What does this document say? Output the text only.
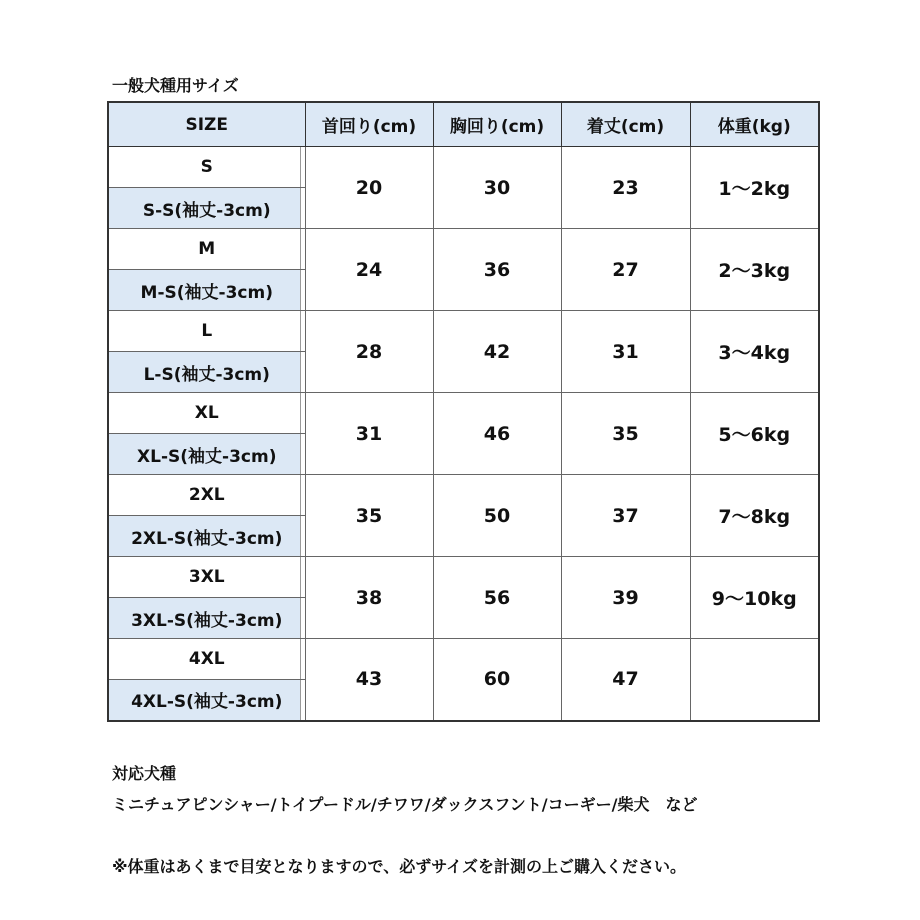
一般犬種用サイズ
SIZE	首回り(cm)	胸回り(cm)	着丈(cm)	体重(kg)
S	20	30	23	1〜2kg
S-S(袖丈-3cm)				
M	24	36	27	2〜3kg
M-S(袖丈-3cm)				
L	28	42	31	3〜4kg
L-S(袖丈-3cm)				
XL	31	46	35	5〜6kg
XL-S(袖丈-3cm)				
2XL	35	50	37	7〜8kg
2XL-S(袖丈-3cm)				
3XL	38	56	39	9〜10kg
3XL-S(袖丈-3cm)				
4XL	43	60	47	
4XL-S(袖丈-3cm)				
対応犬種
ミニチュアピンシャー/トイプードル/チワワ/ダックスフント/コーギー/柴犬　など
※体重はあくまで目安となりますので、必ずサイズを計測の上ご購入ください。
